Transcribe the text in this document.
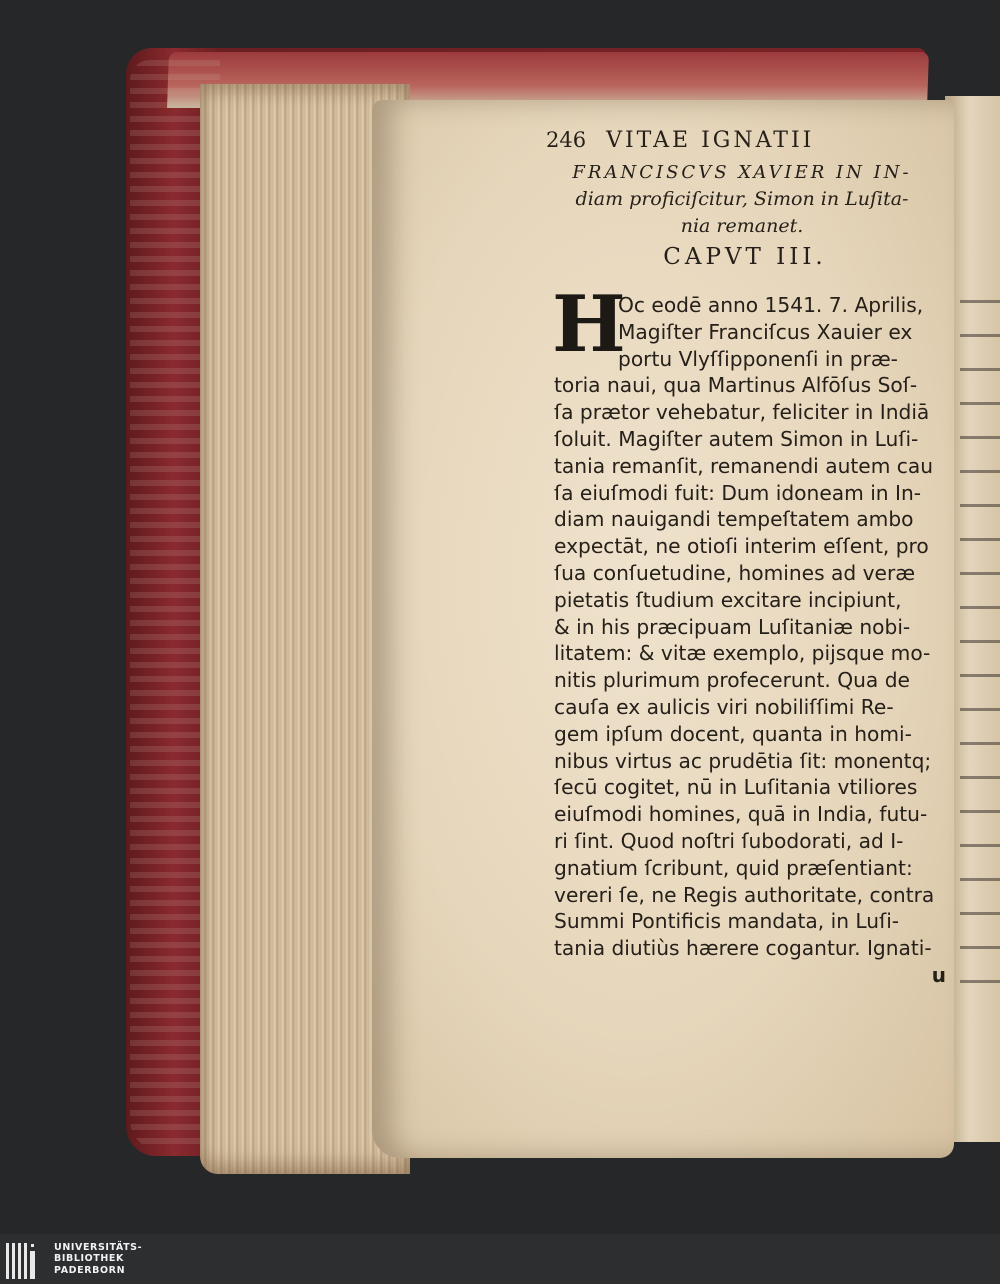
246 VITAE IGNATII
FRANCISCVS XAVIER IN IN-
diam proficiſcitur, Simon in Luſita-
nia remanet.
CAPVT III.
H
Oc eodē anno 1541. 7. Aprilis,
Magiſter Franciſcus Xauier ex
portu Vlyſſipponenſi in præ-
toria naui, qua Martinus Alfōſus Soſ-
ſa prætor vehebatur, feliciter in Indiā
ſoluit. Magiſter autem Simon in Luſi-
tania remanſit, remanendi autem cau
ſa eiuſmodi fuit: Dum idoneam in In-
diam nauigandi tempeſtatem ambo
expectāt, ne otioſi interim eſſent, pro
ſua conſuetudine, homines ad veræ
pietatis ſtudium excitare incipiunt,
& in his præcipuam Luſitaniæ nobi-
litatem: & vitæ exemplo, pijsque mo-
nitis plurimum profecerunt. Qua de
cauſa ex aulicis viri nobiliſſimi Re-
gem ipſum docent, quanta in homi-
nibus virtus ac prudētia ſit: monentq;
ſecū cogitet, nū in Luſitania vtiliores
eiuſmodi homines, quā in India, futu-
ri ſint. Quod noſtri ſubodorati, ad I-
gnatium ſcribunt, quid præſentiant:
vereri ſe, ne Regis authoritate, contra
Summi Pontificis mandata, in Luſi-
tania diutiùs hærere cogantur. Ignati-
u
UNIVERSITÄTS-
BIBLIOTHEK
PADERBORN
